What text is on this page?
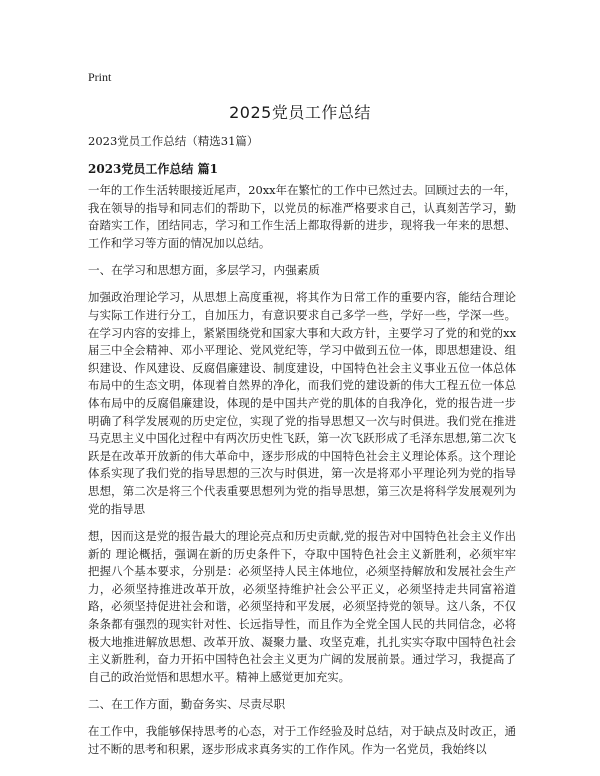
Print
2025党员工作总结

2023党员工作总结（精选31篇）

2023党员工作总结 篇1

一年的工作生活转眼接近尾声，20xx年在繁忙的工作中已然过去。回顾过去的一年，我在领导的指导和同志们的帮助下，以党员的标准严格要求自己，认真刻苦学习，勤奋踏实工作，团结同志，学习和工作生活上都取得新的进步，现将我一年来的思想、工作和学习等方面的情况加以总结。

一、在学习和思想方面，多层学习，内强素质

加强政治理论学习，从思想上高度重视，将其作为日常工作的重要内容，能结合理论与实际工作进行分工，自加压力，有意识要求自己多学一些，学好一些，学深一些。在学习内容的安排上，紧紧围绕党和国家大事和大政方针，主要学习了党的和党的xx届三中全会精神、邓小平理论、党风党纪等，学习中做到五位一体，即思想建设、组织建设、作风建设、反腐倡廉建设、制度建设，中国特色社会主义事业五位一体总体布局中的生态文明，体现着自然界的净化，而我们党的建设新的伟大工程五位一体总体布局中的反腐倡廉建设，体现的是中国共产党的肌体的自我净化，党的报告进一步明确了科学发展观的历史定位，实现了党的指导思想又一次与时俱进。我们党在推进马克思主义中国化过程中有两次历史性飞跃，第一次飞跃形成了毛泽东思想,第二次飞跃是在改革开放新的伟大革命中，逐步形成的中国特色社会主义理论体系。这个理论体系实现了我们党的指导思想的三次与时俱进，第一次是将邓小平理论列为党的指导思想，第二次是将三个代表重要思想列为党的指导思想，第三次是将科学发展观列为党的指导思

想，因而这是党的报告最大的理论亮点和历史贡献,党的报告对中国特色社会主义作出新的 理论概括，强调在新的历史条件下，夺取中国特色社会主义新胜利，必须牢牢 把握八个基本要求，分别是：必须坚持人民主体地位，必须坚持解放和发展社会生产力，必须坚持推进改革开放，必须坚持维护社会公平正义，必须坚持走共同富裕道路，必须坚持促进社会和谐，必须坚持和平发展，必须坚持党的领导。这八条，不仅条条都有强烈的现实针对性、长远指导性，而且作为全党全国人民的共同信念，必将极大地推进解放思想、改革开放、凝聚力量、攻坚克难，扎扎实实夺取中国特色社会主义新胜利，奋力开拓中国特色社会主义更为广阔的发展前景。通过学习，我提高了自己的政治觉悟和思想水平。精神上感觉更加充实。

二、在工作方面，勤奋务实、尽责尽职

在工作中，我能够保持思考的心态，对于工作经验及时总结，对于缺点及时改正，通过不断的思考和积累，逐步形成求真务实的工作作风。作为一名党员，我始终以
